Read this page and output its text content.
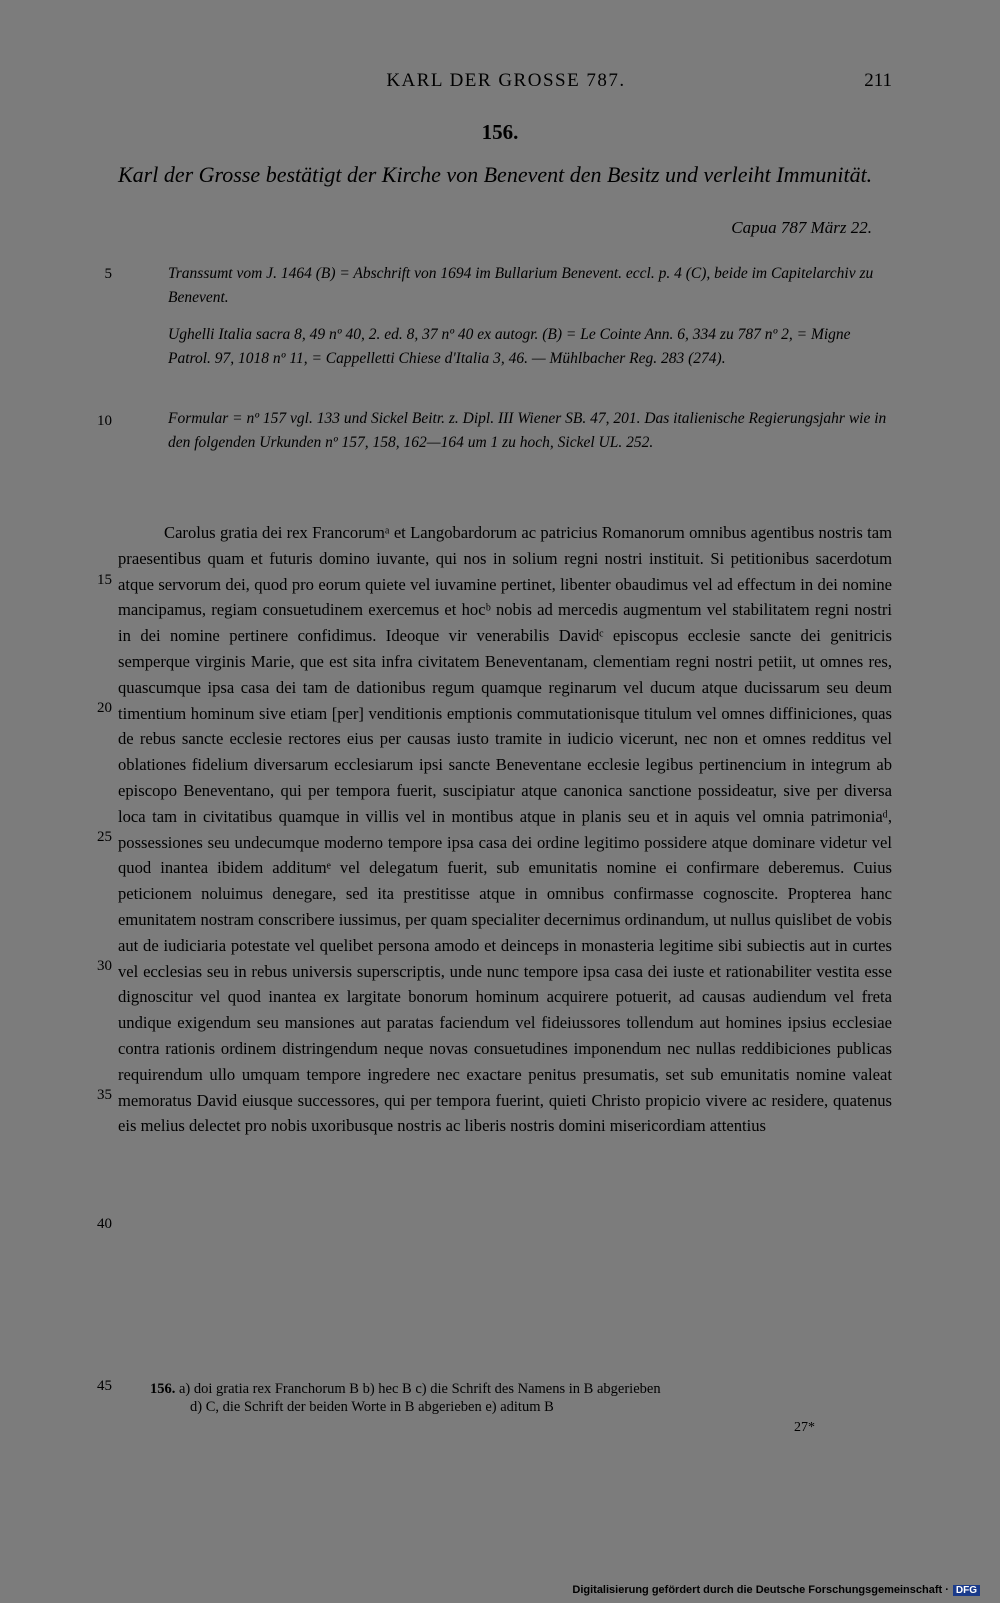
KARL DER GROSSE 787.	211
156.
Karl der Grosse bestätigt der Kirche von Benevent den Besitz und verleiht Immunität.
Capua 787 März 22.
Transsumt vom J. 1464 (B) = Abschrift von 1694 im Bullarium Benevent. eccl. p. 4 (C), beide im Capitelarchiv zu Benevent.
Ughelli Italia sacra 8, 49 nº 40, 2. ed. 8, 37 nº 40 ex autogr. (B) = Le Cointe Ann. 6, 334 zu 787 nº 2, = Migne Patrol. 97, 1018 nº 11, = Cappelletti Chiese d'Italia 3, 46. — Mühlbacher Reg. 283 (274).
Formular = nº 157 vgl. 133 und Sickel Beitr. z. Dipl. III Wiener SB. 47, 201. Das italienische Regierungsjahr wie in den folgenden Urkunden nº 157, 158, 162—164 um 1 zu hoch, Sickel UL. 252.
5
10
15
20
25
30
35
40
45

Carolus gratia dei rex Francorumᵃ et Langobardorum ac patricius Romanorum omnibus agentibus nostris tam praesentibus quam et futuris domino iuvante, qui nos in solium regni nostri instituit. Si petitionibus sacerdotum atque servorum dei, quod pro eorum quiete vel iuvamine pertinet, libenter obaudimus vel ad effectum in dei nomine mancipamus, regiam consuetudinem exercemus et hocᵇ nobis ad mercedis augmentum vel stabilitatem regni nostri in dei nomine pertinere confidimus. Ideoque vir venerabilis Davidᶜ episcopus ecclesie sancte dei genitricis semperque virginis Marie, que est sita infra civitatem Beneventanam, clementiam regni nostri petiit, ut omnes res, quascumque ipsa casa dei tam de dationibus regum quamque reginarum vel ducum atque ducissarum seu deum timentium hominum sive etiam [per] venditionis emptionis commutationisque titulum vel omnes diffiniciones, quas de rebus sancte ecclesie rectores eius per causas iusto tramite in iudicio vicerunt, nec non et omnes redditus vel oblationes fidelium diversarum ecclesiarum ipsi sancte Beneventane ecclesie legibus pertinencium in integrum ab episcopo Beneventano, qui per tempora fuerit, suscipiatur atque canonica sanctione possideatur, sive per diversa loca tam in civitatibus quamque in villis vel in montibus atque in planis seu et in aquis vel omnia patrimoniaᵈ, possessiones seu undecumque moderno tempore ipsa casa dei ordine legitimo possidere atque dominare videtur vel quod inantea ibidem additumᵉ vel delegatum fuerit, sub emunitatis nomine ei confirmare deberemus. Cuius peticionem noluimus denegare, sed ita prestitisse atque in omnibus confirmasse cognoscite. Propterea hanc emunitatem nostram conscribere iussimus, per quam specialiter decernimus ordinandum, ut nullus quislibet de vobis aut de iudiciaria potestate vel quelibet persona amodo et deinceps in monasteria legitime sibi subiectis aut in curtes vel ecclesias seu in rebus universis superscriptis, unde nunc tempore ipsa casa dei iuste et rationabiliter vestita esse dignoscitur vel quod inantea ex largitate bonorum hominum acquirere potuerit, ad causas audiendum vel freta undique exigendum seu mansiones aut paratas faciendum vel fideiussores tollendum aut homines ipsius ecclesiae contra rationis ordinem distringendum neque novas consuetudines imponendum nec nullas reddibiciones publicas requirendum ullo umquam tempore ingredere nec exactare penitus presumatis, set sub emunitatis nomine valeat memoratus David eiusque successores, qui per tempora fuerint, quieti Christo propicio vivere ac residere, quatenus eis melius delectet pro nobis uxoribusque nostris ac liberis nostris domini misericordiam attentius

156. a) doi gratia rex Franchorum B b) hec B c) die Schrift des Namens in B abgerieben
d) C, die Schrift der beiden Worte in B abgerieben e) aditum B
27*
Digitalisierung gefördert durch die Deutsche Forschungsgemeinschaft · DFG
